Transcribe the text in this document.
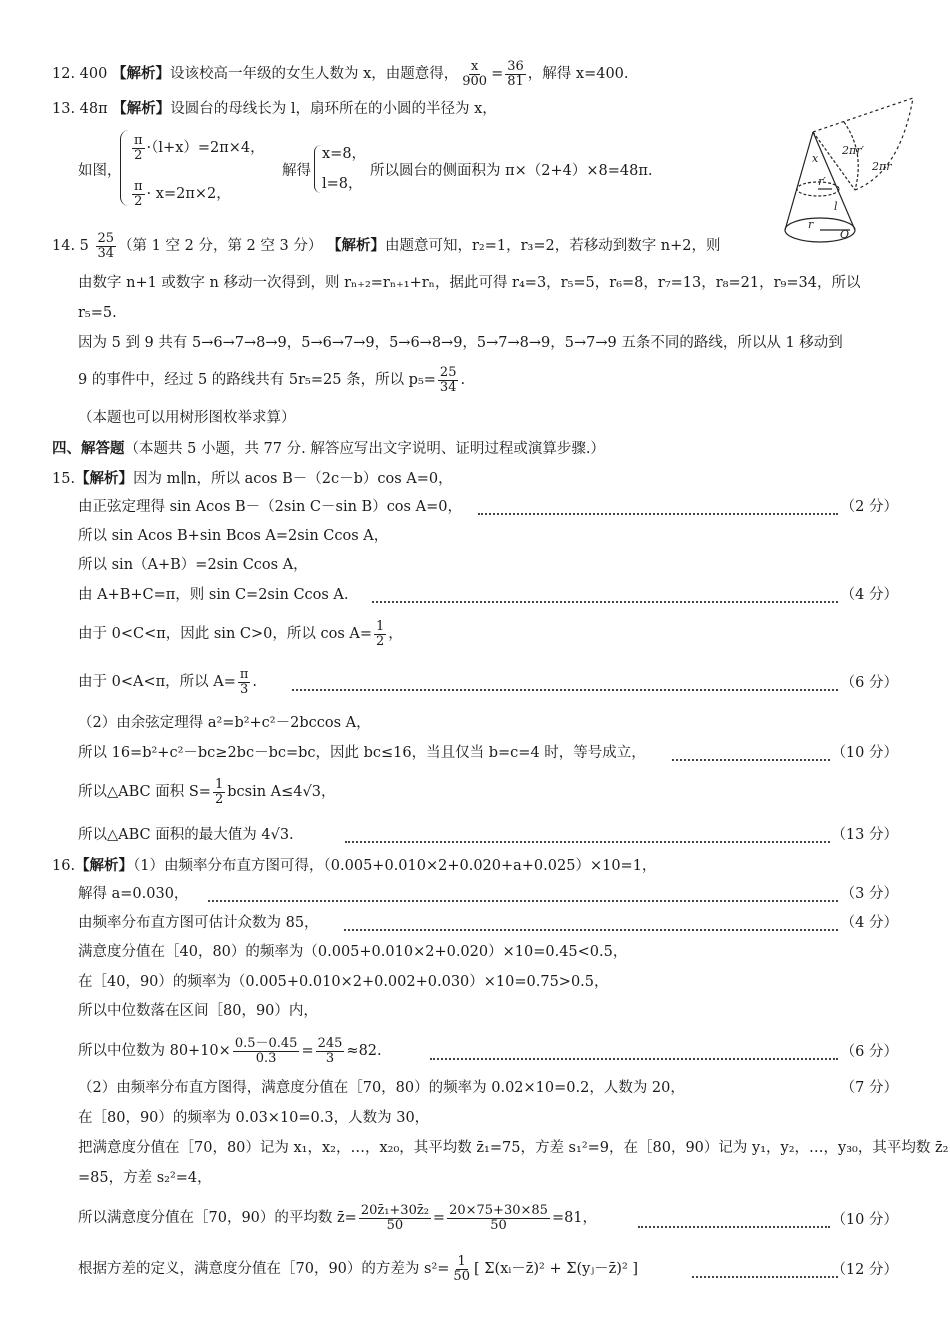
12. 400 【解析】设该校高一年级的女生人数为 x，由题意得， $\frac{x}{900} = \frac{36}{81}$ ，解得 x=400.
13. 48π 【解析】设圆台的母线长为 l，扇环所在的小圆的半径为 x，
如图，
$\frac{\pi}{2} \cdot(l+x)=2\pi\times 4$，
$\frac{\pi}{2} \cdot x=2\pi\times 2$，
解得
x=8，
l=8，
所以圆台的侧面积为 π×（2+4）×8=48π.
x
2πr′
2πr
l
r′
r
O
14. $5 \frac{25}{34}$ （第 1 空 2 分，第 2 空 3 分） 【解析】由题意可知，r₂=1，r₃=2，若移动到数字 n+2，则
由数字 n+1 或数字 n 移动一次得到，则 rₙ₊₂=rₙ₊₁+rₙ，据此可得 r₄=3，r₅=5，r₆=8，r₇=13，r₈=21，r₉=34，所以
r₅=5.
因为 5 到 9 共有 5→6→7→8→9，5→6→7→9，5→6→8→9，5→7→8→9，5→7→9 五条不同的路线，所以从 1 移动到
9 的事件中，经过 5 的路线共有 5r₅=25 条，所以 $p_5= \frac{25}{34}$ .
（本题也可以用树形图枚举求算）
四、解答题（本题共 5 小题，共 77 分. 解答应写出文字说明、证明过程或演算步骤.）
15.【解析】因为 m∥n，所以 acos B－（2c－b）cos A=0，
由正弦定理得 sin Acos B－（2sin C－sin B）cos A=0，	（2 分）
所以 sin Acos B+sin Bcos A=2sin Ccos A，
所以 sin（A+B）=2sin Ccos A，
由 A+B+C=π，则 sin C=2sin Ccos A.	（4 分）
由于 0<C<π，因此 sin C>0，所以 $\cos A= \frac{1}{2}$ ，
由于 0<A<π，所以 $A= \frac{\pi}{3}$ .	（6 分）
（2）由余弦定理得 a²=b²+c²－2bccos A，
所以 16=b²+c²－bc≥2bc－bc=bc，因此 bc≤16，当且仅当 b=c=4 时，等号成立，	（10 分）
所以△ABC 面积 $S= \frac{1}{2}$ bcsin A≤4√3，
所以△ABC 面积的最大值为 4√3.	（13 分）
16.【解析】（1）由频率分布直方图可得，（0.005+0.010×2+0.020+a+0.025）×10=1，
解得 a=0.030，	（3 分）
由频率分布直方图可估计众数为 85，	（4 分）
满意度分值在［40，80）的频率为（0.005+0.010×2+0.020）×10=0.45<0.5，
在［40，90）的频率为（0.005+0.010×2+0.002+0.030）×10=0.75>0.5，
所以中位数落在区间［80，90）内，
所以中位数为 $80+10\times \frac{0.5-0.45}{0.3} = \frac{245}{3} \approx 82$.	（6 分）
（2）由频率分布直方图得，满意度分值在［70，80）的频率为 0.02×10=0.2，人数为 20，	（7 分）
在［80，90）的频率为 0.03×10=0.3，人数为 30，
把满意度分值在［70，80）记为 x₁，x₂，…，x₂₀，其平均数 z̄₁=75，方差 s₁²=9，在［80，90）记为 y₁，y₂，…，y₃₀，其平均数 z̄₂
=85，方差 s₂²=4，
所以满意度分值在［70，90）的平均数 z̄= $\frac{\text{20z̄₁+30z̄₂}}{50} = \frac{20\times 75+30\times 85}{50} =81$，	（10 分）
根据方差的定义，满意度分值在［70，90）的方差为 $s^2= \frac{1}{50}$ [ Σ(xᵢ－z̄)² + Σ(yⱼ－z̄)² ]	（12 分）
